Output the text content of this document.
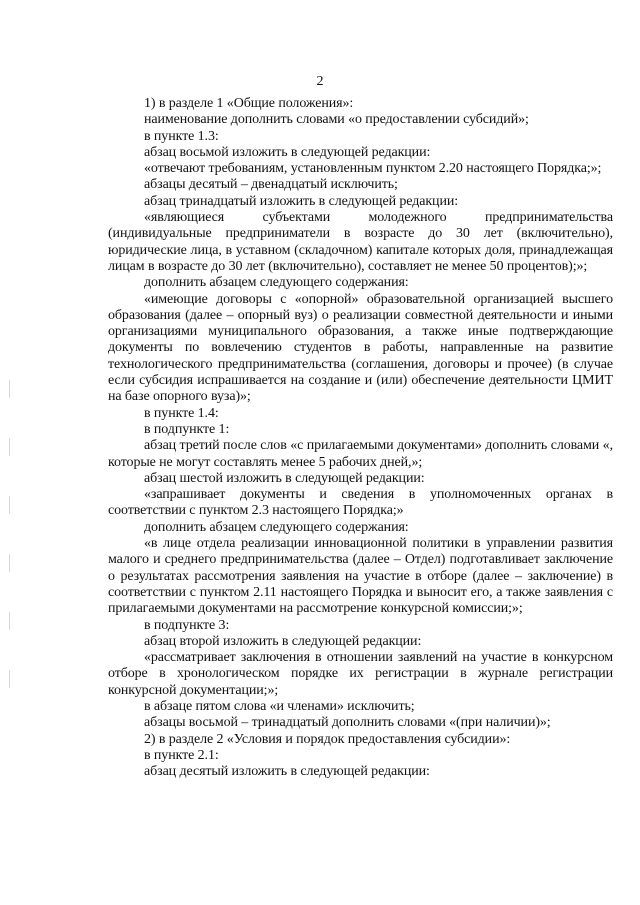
2

1) в разделе 1 «Общие положения»:

наименование дополнить словами «о предоставлении субсидий»;

в пункте 1.3:

абзац восьмой изложить в следующей редакции:

«отвечают требованиям, установленным пунктом 2.20 настоящего Порядка;»;

абзацы десятый – двенадцатый исключить;

абзац тринадцатый изложить в следующей редакции:

«являющиеся субъектами молодежного предпринимательства (индивидуальные предприниматели в возрасте до 30 лет (включительно), юридические лица, в уставном (складочном) капитале которых доля, принадлежащая лицам в возрасте до 30 лет (включительно), составляет не менее 50 процентов);»;

дополнить абзацем следующего содержания:

«имеющие договоры с «опорной» образовательной организацией высшего образования (далее – опорный вуз) о реализации совместной деятельности и иными организациями муниципального образования, а также иные подтверждающие документы по вовлечению студентов в работы, направленные на развитие технологического предпринимательства (соглашения, договоры и прочее) (в случае если субсидия испрашивается на создание и (или) обеспечение деятельности ЦМИТ на базе опорного вуза)»;

в пункте 1.4:

в подпункте 1:

абзац третий после слов «с прилагаемыми документами» дополнить словами «, которые не могут составлять менее 5 рабочих дней,»;

абзац шестой изложить в следующей редакции:

«запрашивает документы и сведения в уполномоченных органах в соответствии с пунктом 2.3 настоящего Порядка;»

дополнить абзацем следующего содержания:

«в лице отдела реализации инновационной политики в управлении развития малого и среднего предпринимательства (далее – Отдел) подготавливает заключение о результатах рассмотрения заявления на участие в отборе (далее – заключение) в соответствии с пунктом 2.11 настоящего Порядка и выносит его, а также заявления с прилагаемыми документами на рассмотрение конкурсной комиссии;»;

в подпункте 3:

абзац второй изложить в следующей редакции:

«рассматривает заключения в отношении заявлений на участие в конкурсном отборе в хронологическом порядке их регистрации в журнале регистрации конкурсной документации;»;

в абзаце пятом слова «и членами» исключить;

абзацы восьмой – тринадцатый дополнить словами «(при наличии)»;

2) в разделе 2 «Условия и порядок предоставления субсидии»:

в пункте 2.1:

абзац десятый изложить в следующей редакции:
